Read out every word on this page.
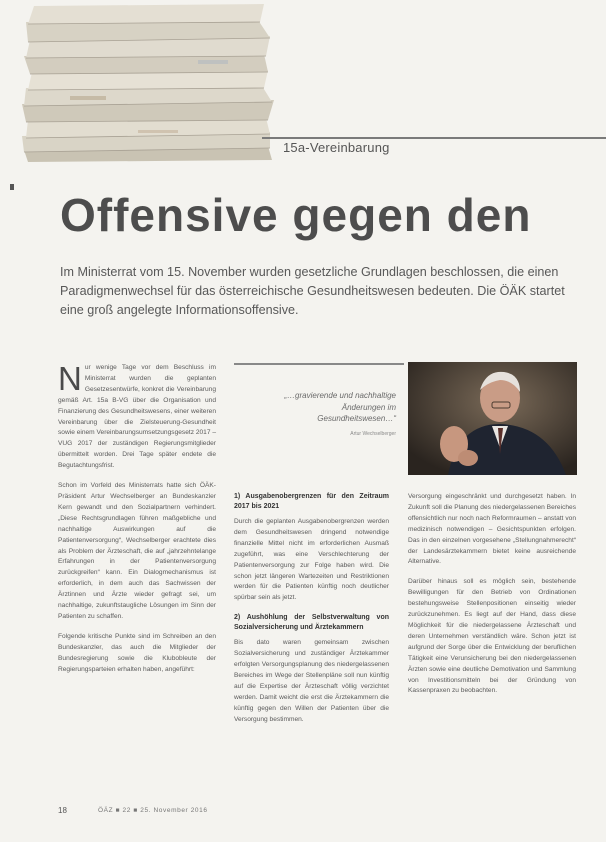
15a-Vereinbarung
Offensive gegen den

Im Ministerrat vom 15. November wurden gesetzliche Grundlagen beschlossen, die einen Paradigmenwechsel für das österreichische Gesundheitswesen bedeuten. Die ÖÄK startet eine groß angelegte Informationsoffensive.

Nur wenige Tage vor dem Beschluss im Ministerrat wurden die geplanten Gesetzesentwürfe, konkret die Vereinbarung gemäß Art. 15a B-VG über die Organisation und Finanzierung des Gesundheitswesens, einer weiteren Vereinbarung über die Zielsteuerung-Gesundheit sowie einem Vereinbarungsumsetzungsgesetz 2017 – VUG 2017 der zuständigen Regierungsmitglieder übermittelt worden. Drei Tage später endete die Begutachtungsfrist.

Schon im Vorfeld des Ministerrats hatte sich ÖÄK-Präsident Artur Wechselberger an Bundeskanzler Kern gewandt und den Sozialpartnern verhindert. „Diese Rechtsgrundlagen führen maßgebliche und nachhaltige Auswirkungen auf die Patientenversorgung“, Wechselberger erachtete dies als Problem der Ärzteschaft, die auf „jahrzehntelange Erfahrungen in der Patientenversorgung zurückgreifen“ kann. Ein Dialogmechanismus ist erforderlich, in dem auch das Sachwissen der Ärztinnen und Ärzte wieder gefragt sei, um nachhaltige, zukunftstaugliche Lösungen im Sinn der Patienten zu schaffen.

Folgende kritische Punkte sind im Schreiben an den Bundeskanzler, das auch die Mitglieder der Bundesregierung sowie die Klubobleute der Regierungsparteien erhalten haben, angeführt:

„…gravierende und nachhaltige Änderungen im Gesundheitswesen…“
Artur Wechselberger
1) Ausgabenobergrenzen für den Zeitraum 2017 bis 2021

Durch die geplanten Ausgabenobergrenzen werden dem Gesundheitswesen dringend notwendige finanzielle Mittel nicht im erforderlichen Ausmaß zugeführt, was eine Verschlechterung der Patientenversorgung zur Folge haben wird. Die schon jetzt längeren Wartezeiten und Restriktionen werden für die Patienten künftig noch deutlicher spürbar sein als jetzt.

2) Aushöhlung der Selbstverwaltung von Sozialversicherung und Ärztekammern

Bis dato waren gemeinsam zwischen Sozialversicherung und zuständiger Ärztekammer erfolgten Versorgungsplanung des niedergelassenen Bereiches im Wege der Stellenpläne soll nun künftig auf die Expertise der Ärzteschaft völlig verzichtet werden. Damit weicht die erst die Ärztekammern die künftig gegen den Willen der Patienten über die Versorgung bestimmen.

Versorgung eingeschränkt und durchgesetzt haben. In Zukunft soll die Planung des niedergelassenen Bereiches offensichtlich nur noch nach Reformraumen – anstatt von medizinisch notwendigen – Gesichtspunkten erfolgen. Das in den einzelnen vorgesehene „Stellungnahmerecht“ der Landesärztekammern bietet keine ausreichende Alternative.

Darüber hinaus soll es möglich sein, bestehende Bewilligungen für den Betrieb von Ordinationen bestehungsweise Stellenpositionen einseitig wieder zurückzunehmen. Es liegt auf der Hand, dass diese Möglichkeit für die niedergelassene Ärzteschaft und deren Unternehmen verständlich wäre. Schon jetzt ist aufgrund der Sorge über die Entwicklung der beruflichen Tätigkeit eine Verunsicherung bei den niedergelassenen Ärzten sowie eine deutliche Demotivation und Sammlung von Investitionsmitteln bei der Gründung von Kassenpraxen zu beobachten.

18	ÖÄZ ■ 22 ■ 25. November 2016
